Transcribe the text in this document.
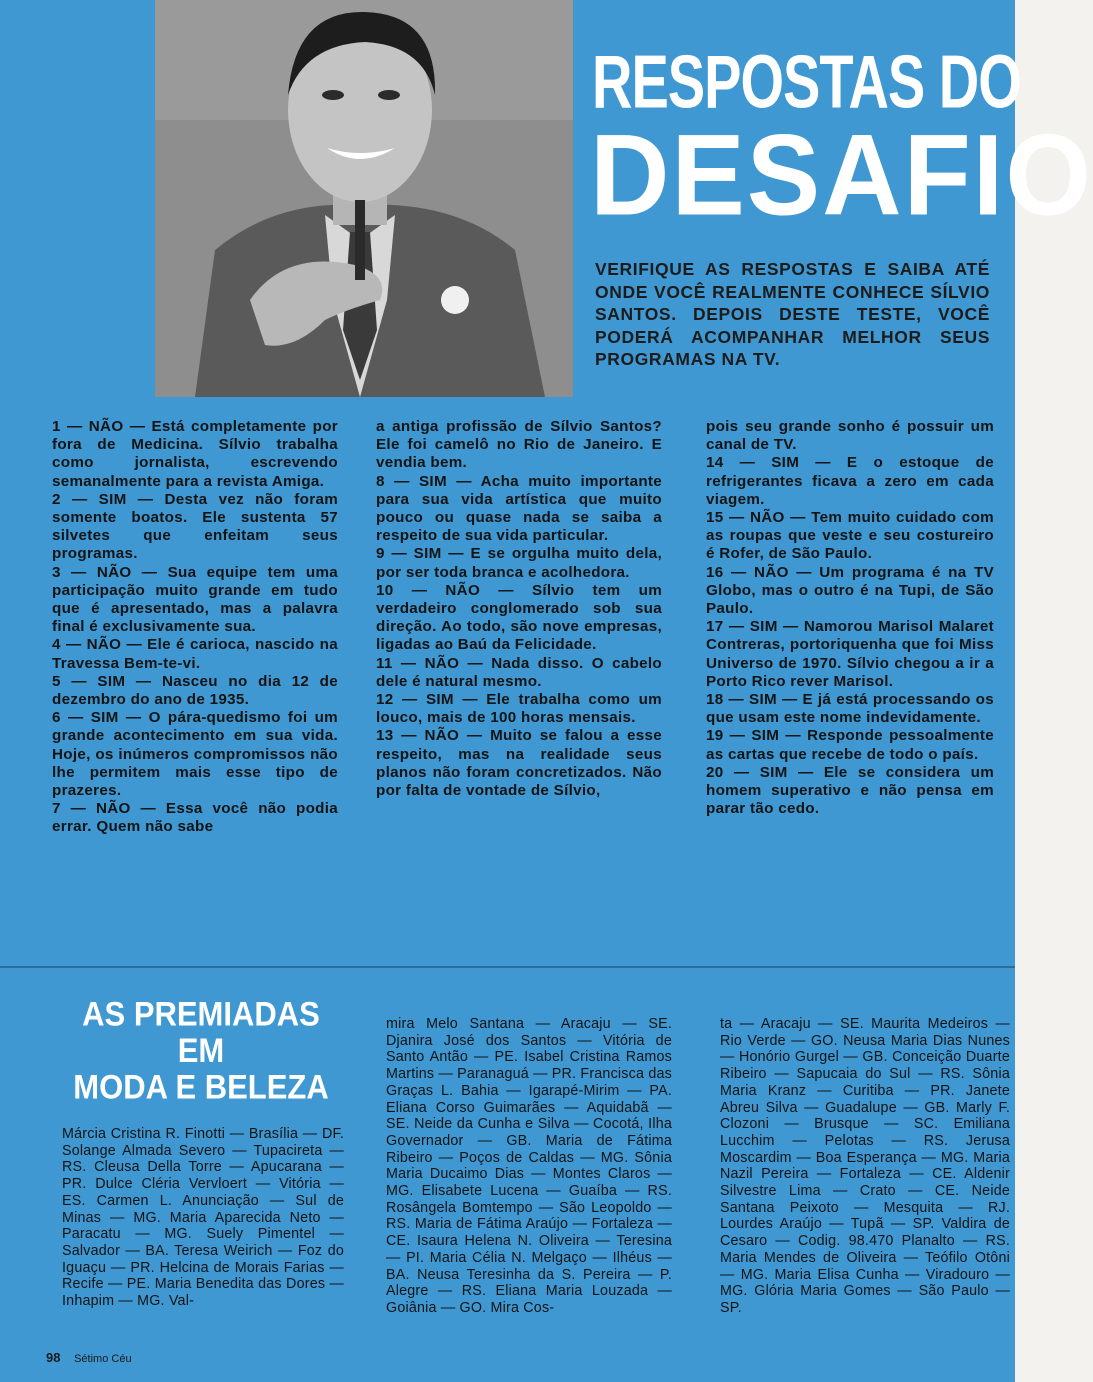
RESPOSTAS DO
DESAFIO
VERIFIQUE AS RESPOSTAS E SAIBA ATÉ ONDE VOCÊ REALMENTE CONHECE SÍLVIO SANTOS. DEPOIS DESTE TESTE, VOCÊ PODERÁ ACOMPANHAR MELHOR SEUS PROGRAMAS NA TV.

1 — NÃO — Está completamente por fora de Medicina. Sílvio trabalha como jornalista, escrevendo semanalmente para a revista Amiga.

2 — SIM — Desta vez não foram somente boatos. Ele sustenta 57 silvetes que enfeitam seus programas.

3 — NÃO — Sua equipe tem uma participação muito grande em tudo que é apresentado, mas a palavra final é exclusivamente sua.

4 — NÃO — Ele é carioca, nascido na Travessa Bem-te-vi.

5 — SIM — Nasceu no dia 12 de dezembro do ano de 1935.

6 — SIM — O pára-quedismo foi um grande acontecimento em sua vida. Hoje, os inúmeros compromissos não lhe permitem mais esse tipo de prazeres.

7 — NÃO — Essa você não podia errar. Quem não sabe

a antiga profissão de Sílvio Santos? Ele foi camelô no Rio de Janeiro. E vendia bem.

8 — SIM — Acha muito importante para sua vida artística que muito pouco ou quase nada se saiba a respeito de sua vida particular.

9 — SIM — E se orgulha muito dela, por ser toda branca e acolhedora.

10 — NÃO — Sílvio tem um verdadeiro conglomerado sob sua direção. Ao todo, são nove empresas, ligadas ao Baú da Felicidade.

11 — NÃO — Nada disso. O cabelo dele é natural mesmo.

12 — SIM — Ele trabalha como um louco, mais de 100 horas mensais.

13 — NÃO — Muito se falou a esse respeito, mas na realidade seus planos não foram concretizados. Não por falta de vontade de Sílvio,

pois seu grande sonho é possuir um canal de TV.

14 — SIM — E o estoque de refrigerantes ficava a zero em cada viagem.

15 — NÃO — Tem muito cuidado com as roupas que veste e seu costureiro é Rofer, de São Paulo.

16 — NÃO — Um programa é na TV Globo, mas o outro é na Tupi, de São Paulo.

17 — SIM — Namorou Marisol Malaret Contreras, portoriquenha que foi Miss Universo de 1970. Sílvio chegou a ir a Porto Rico rever Marisol.

18 — SIM — E já está processando os que usam este nome indevidamente.

19 — SIM — Responde pessoalmente as cartas que recebe de todo o país.

20 — SIM — Ele se considera um homem superativo e não pensa em parar tão cedo.

AS PREMIADAS
EM
MODA E BELEZA
Márcia Cristina R. Finotti — Brasília — DF. Solange Almada Severo — Tupacireta — RS. Cleusa Della Torre — Apucarana — PR. Dulce Cléria Vervloert — Vitória — ES. Carmen L. Anunciação — Sul de Minas — MG. Maria Aparecida Neto — Paracatu — MG. Suely Pimentel — Salvador — BA. Teresa Weirich — Foz do Iguaçu — PR. Helcina de Morais Farias — Recife — PE. Maria Benedita das Dores — Inhapim — MG. Val-
mira Melo Santana — Aracaju — SE. Djanira José dos Santos — Vitória de Santo Antão — PE. Isabel Cristina Ramos Martins — Paranaguá — PR. Francisca das Graças L. Bahia — Igarapé-Mirim — PA. Eliana Corso Guimarães — Aquidabã — SE. Neide da Cunha e Silva — Cocotá, Ilha Governador — GB. Maria de Fátima Ribeiro — Poços de Caldas — MG. Sônia Maria Ducaimo Dias — Montes Claros — MG. Elisabete Lucena — Guaíba — RS. Rosângela Bomtempo — São Leopoldo — RS. Maria de Fátima Araújo — Fortaleza — CE. Isaura Helena N. Oliveira — Teresina — PI. Maria Célia N. Melgaço — Ilhéus — BA. Neusa Teresinha da S. Pereira — P. Alegre — RS. Eliana Maria Louzada — Goiânia — GO. Mira Cos-
ta — Aracaju — SE. Maurita Medeiros — Rio Verde — GO. Neusa Maria Dias Nunes — Honório Gurgel — GB. Conceição Duarte Ribeiro — Sapucaia do Sul — RS. Sônia Maria Kranz — Curitiba — PR. Janete Abreu Silva — Guadalupe — GB. Marly F. Clozoni — Brusque — SC. Emiliana Lucchim — Pelotas — RS. Jerusa Moscardim — Boa Esperança — MG. Maria Nazil Pereira — Fortaleza — CE. Aldenir Silvestre Lima — Crato — CE. Neide Santana Peixoto — Mesquita — RJ. Lourdes Araújo — Tupã — SP. Valdira de Cesaro — Codig. 98.470 Planalto — RS. Maria Mendes de Oliveira — Teófilo Otôni — MG. Maria Elisa Cunha — Viradouro — MG. Glória Maria Gomes — São Paulo — SP.
98 Sétimo Céu
